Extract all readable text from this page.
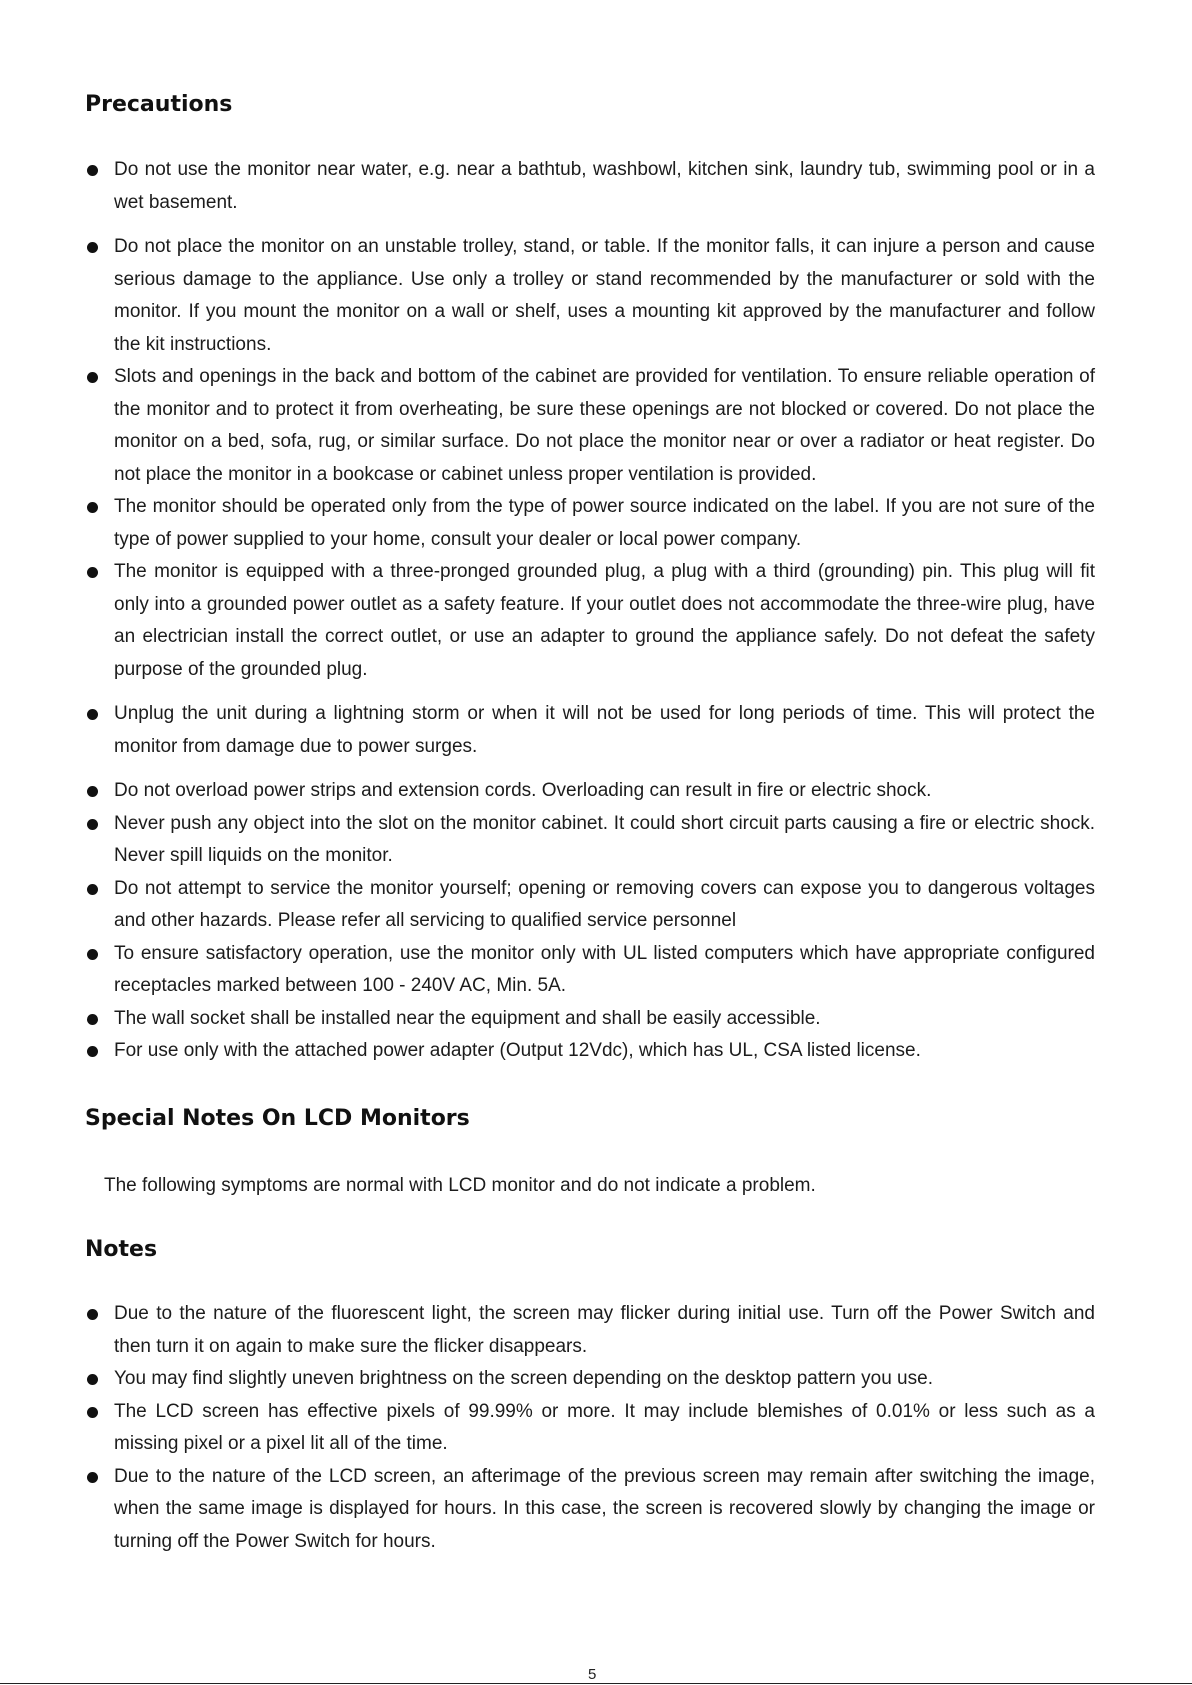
Precautions
Do not use the monitor near water, e.g. near a bathtub, washbowl, kitchen sink, laundry tub, swimming pool or in a wet basement.
Do not place the monitor on an unstable trolley, stand, or table. If the monitor falls, it can injure a person and cause serious damage to the appliance. Use only a trolley or stand recommended by the manufacturer or sold with the monitor. If you mount the monitor on a wall or shelf, uses a mounting kit approved by the manufacturer and follow the kit instructions.
Slots and openings in the back and bottom of the cabinet are provided for ventilation. To ensure reliable operation of the monitor and to protect it from overheating, be sure these openings are not blocked or covered. Do not place the monitor on a bed, sofa, rug, or similar surface. Do not place the monitor near or over a radiator or heat register. Do not place the monitor in a bookcase or cabinet unless proper ventilation is provided.
The monitor should be operated only from the type of power source indicated on the label. If you are not sure of the type of power supplied to your home, consult your dealer or local power company.
The monitor is equipped with a three-pronged grounded plug, a plug with a third (grounding) pin. This plug will fit only into a grounded power outlet as a safety feature. If your outlet does not accommodate the three-wire plug, have an electrician install the correct outlet, or use an adapter to ground the appliance safely. Do not defeat the safety purpose of the grounded plug.
Unplug the unit during a lightning storm or when it will not be used for long periods of time. This will protect the monitor from damage due to power surges.
Do not overload power strips and extension cords. Overloading can result in fire or electric shock.
Never push any object into the slot on the monitor cabinet. It could short circuit parts causing a fire or electric shock. Never spill liquids on the monitor.
Do not attempt to service the monitor yourself; opening or removing covers can expose you to dangerous voltages and other hazards. Please refer all servicing to qualified service personnel
To ensure satisfactory operation, use the monitor only with UL listed computers which have appropriate configured receptacles marked between 100 - 240V AC, Min. 5A.
The wall socket shall be installed near the equipment and shall be easily accessible.
For use only with the attached power adapter (Output 12Vdc), which has UL, CSA listed license.
Special Notes On LCD Monitors

The following symptoms are normal with LCD monitor and do not indicate a problem.

Notes
Due to the nature of the fluorescent light, the screen may flicker during initial use. Turn off the Power Switch and then turn it on again to make sure the flicker disappears.
You may find slightly uneven brightness on the screen depending on the desktop pattern you use.
The LCD screen has effective pixels of 99.99% or more. It may include blemishes of 0.01% or less such as a missing pixel or a pixel lit all of the time.
Due to the nature of the LCD screen, an afterimage of the previous screen may remain after switching the image, when the same image is displayed for hours. In this case, the screen is recovered slowly by changing the image or turning off the Power Switch for hours.
5
